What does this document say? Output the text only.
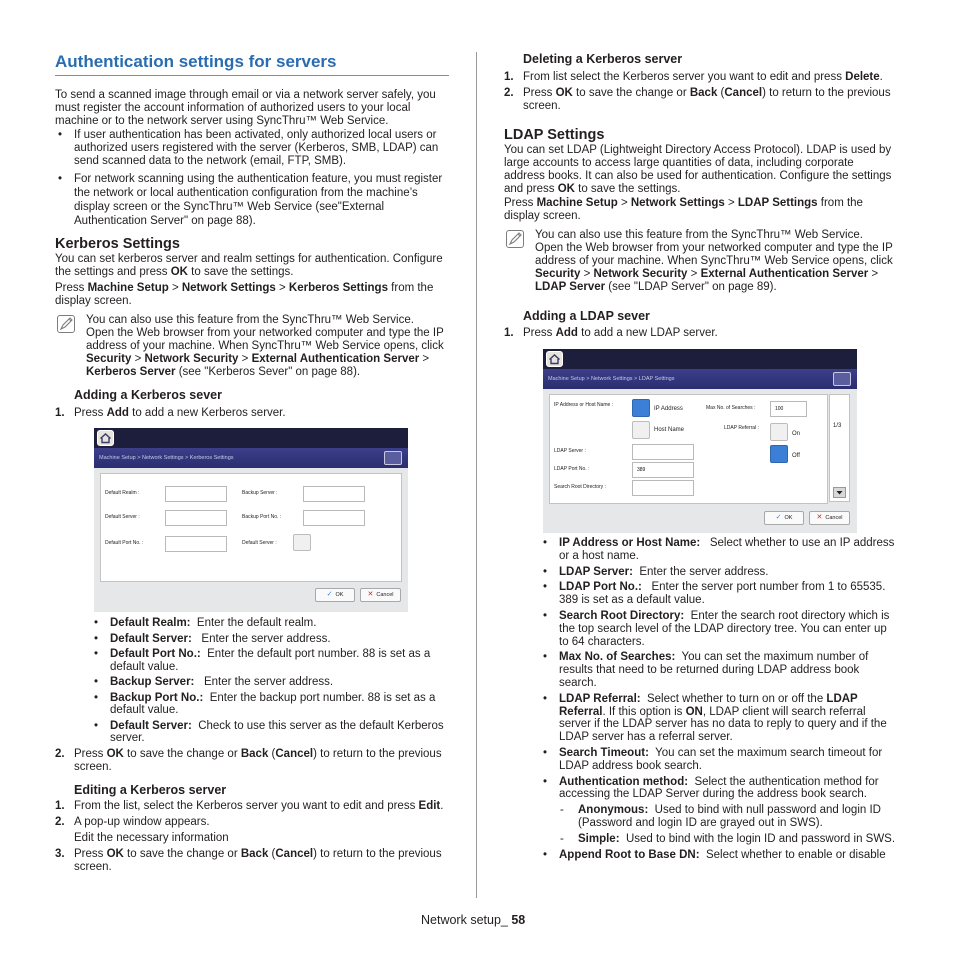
Authentication settings for servers

To send a scanned image through email or via a network server safely, you must register the account information of authorized users to your local machine or to the network server using SyncThru™ Web Service.

• If user authentication has been activated, only authorized local users or authorized users registered with the server (Kerberos, SMB, LDAP) can send scanned data to the network (email, FTP, SMB).
• For network scanning using the authentication feature, you must register the network or local authentication configuration from the machine’s display screen or the SyncThru™ Web Service (see"External Authentication Server" on page 88).
Kerberos Settings

You can set kerberos server and realm settings for authentication. Configure the settings and press OK to save the settings.

Press Machine Setup > Network Settings > Kerberos Settings from the display screen.

You can also use this feature from the SyncThru™ Web Service.

Open the Web browser from your networked computer and type the IP address of your machine. When SyncThru™ Web Service opens, click Security > Network Security > External Authentication Server > Kerberos Server (see "Kerberos Sever" on page 88).

Adding a Kerberos sever
1. Press Add to add a new Kerberos server.
Machine Setup > Network Settings > Kerberos Settings
Default Realm :
Default Server :
Default Port No. :
Backup Server :
Backup Port No. :
Default Server :
✓ OK	✕ Cancel
• Default Realm: Enter the default realm.
• Default Server: Enter the server address.
• Default Port No.: Enter the default port number. 88 is set as a default value.
• Backup Server: Enter the server address.
• Backup Port No.: Enter the backup port number. 88 is set as a default value.
• Default Server: Check to use this server as the default Kerberos server.
2. Press OK to save the change or Back (Cancel) to return to the previous screen.
Editing a Kerberos server
1. From the list, select the Kerberos server you want to edit and press Edit.
2. A pop-up window appears.
Edit the necessary information
3. Press OK to save the change or Back (Cancel) to return to the previous screen.
Deleting a Kerberos server
1. From list select the Kerberos server you want to edit and press Delete.
2. Press OK to save the change or Back (Cancel) to return to the previous screen.
LDAP Settings

You can set LDAP (Lightweight Directory Access Protocol). LDAP is used by large accounts to access large quantities of data, including corporate address books. It can also be used for authentication. Configure the settings and press OK to save the settings.

Press Machine Setup > Network Settings > LDAP Settings from the display screen.

You can also use this feature from the SyncThru™ Web Service.

Open the Web browser from your networked computer and type the IP address of your machine. When SyncThru™ Web Service opens, click Security > Network Security > External Authentication Server > LDAP Server (see "LDAP Server" on page 89).

Adding a LDAP sever
1. Press Add to add a new LDAP server.
Machine Setup > Network Settings > LDAP Settings
IP Address or Host Name :
IP Address
Host Name
Max No. of Searches :	100
LDAP Referral :
On
Off
LDAP Server :
LDAP Port No. :	389
Search Root Directory :
1/3
✓ OK	✕ Cancel
• IP Address or Host Name: Select whether to use an IP address or a host name.
• LDAP Server: Enter the server address.
• LDAP Port No.: Enter the server port number from 1 to 65535. 389 is set as a default value.
• Search Root Directory: Enter the search root directory which is the top search level of the LDAP directory tree. You can enter up to 64 characters.
• Max No. of Searches: You can set the maximum number of results that need to be returned during LDAP address book search.
• LDAP Referral: Select whether to turn on or off the LDAP Referral. If this option is ON, LDAP client will search referral server if the LDAP server has no data to reply to query and if the LDAP server has a referral server.
• Search Timeout: You can set the maximum search timeout for LDAP address book search.
• Authentication method: Select the authentication method for accessing the LDAP Server during the address book search.
- Anonymous: Used to bind with null password and login ID (Password and login ID are grayed out in SWS).
- Simple: Used to bind with the login ID and password in SWS.
• Append Root to Base DN: Select whether to enable or disable
Network setup_ 58
